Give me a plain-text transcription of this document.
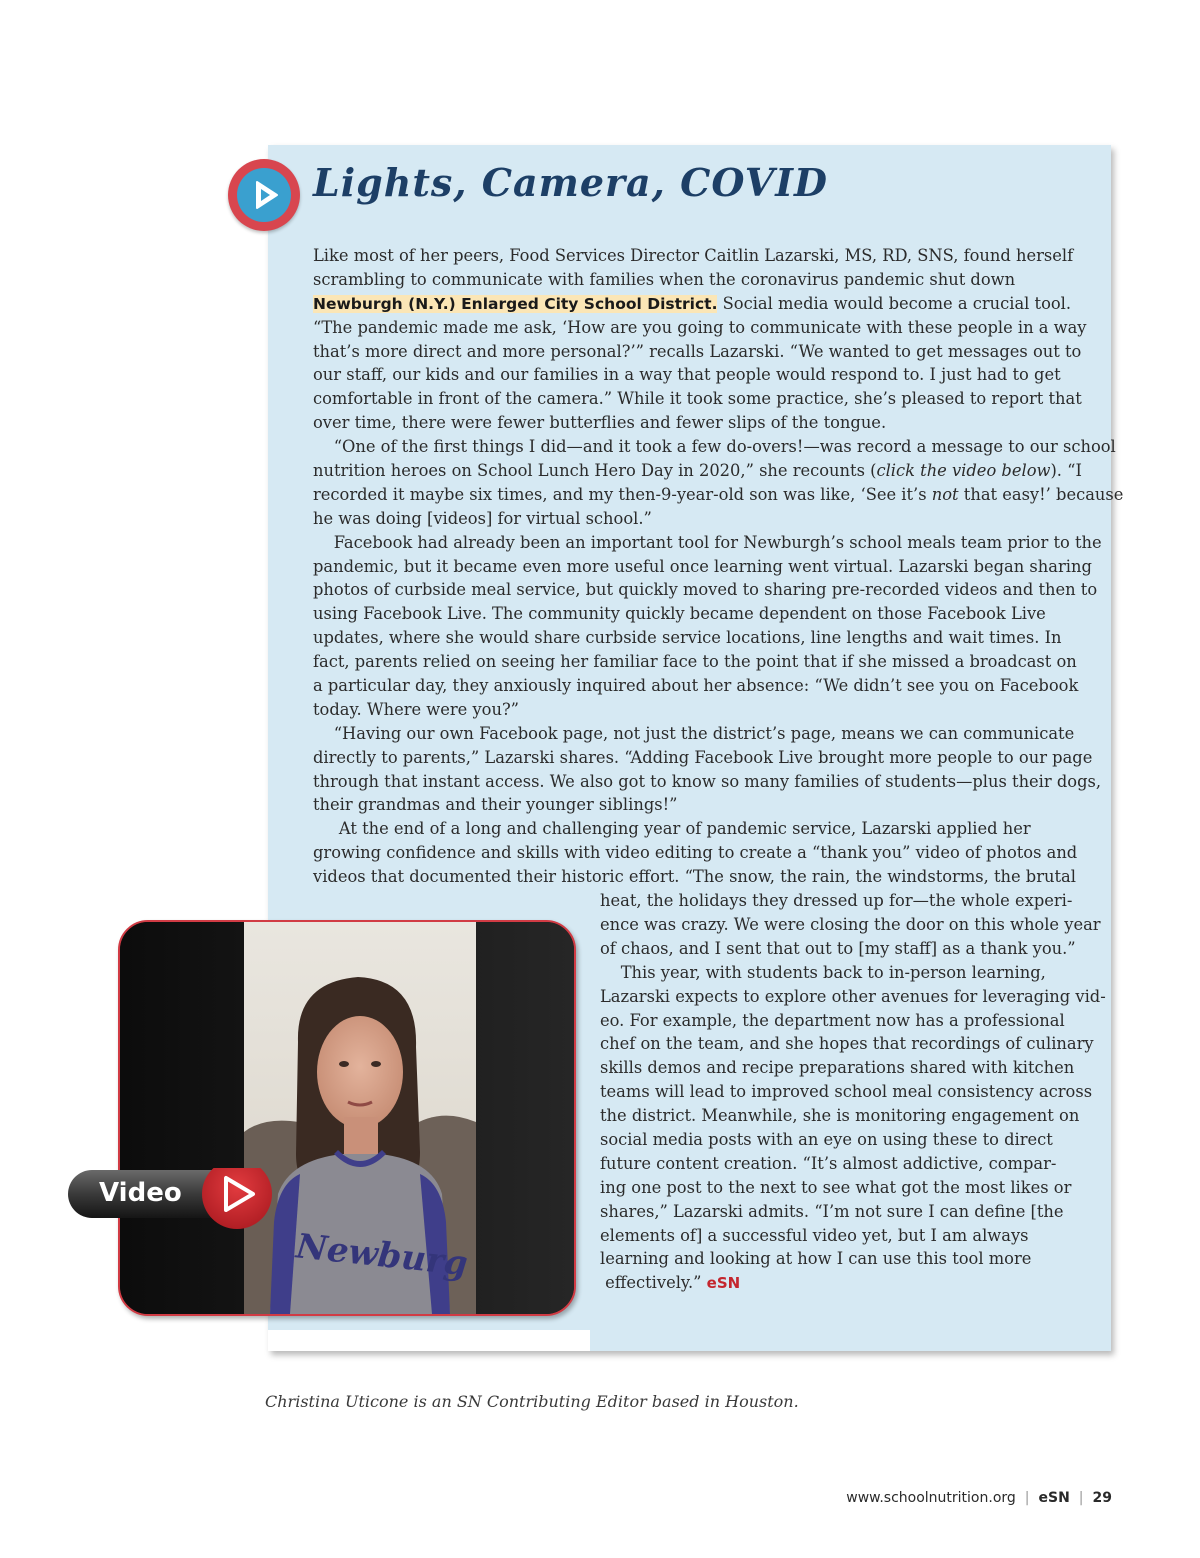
Lights, Camera, COVID
Like most of her peers, Food Services Director Caitlin Lazarski, MS, RD, SNS, found herself
scrambling to communicate with families when the coronavirus pandemic shut down
Newburgh (N.Y.) Enlarged City School District. Social media would become a crucial tool.
“The pandemic made me ask, ‘How are you going to communicate with these people in a way
that’s more direct and more personal?’” recalls Lazarski. “We wanted to get messages out to
our staff, our kids and our families in a way that people would respond to. I just had to get
comfortable in front of the camera.” While it took some practice, she’s pleased to report that
over time, there were fewer butterflies and fewer slips of the tongue.
“One of the first things I did—and it took a few do-overs!—was record a message to our school
nutrition heroes on School Lunch Hero Day in 2020,” she recounts (click the video below). “I
recorded it maybe six times, and my then-9-year-old son was like, ‘See it’s not that easy!’ because
he was doing [videos] for virtual school.”
Facebook had already been an important tool for Newburgh’s school meals team prior to the
pandemic, but it became even more useful once learning went virtual. Lazarski began sharing
photos of curbside meal service, but quickly moved to sharing pre-recorded videos and then to
using Facebook Live. The community quickly became dependent on those Facebook Live
updates, where she would share curbside service locations, line lengths and wait times. In
fact, parents relied on seeing her familiar face to the point that if she missed a broadcast on
a particular day, they anxiously inquired about her absence: “We didn’t see you on Facebook
today. Where were you?”
“Having our own Facebook page, not just the district’s page, means we can communicate
directly to parents,” Lazarski shares. “Adding Facebook Live brought more people to our page
through that instant access. We also got to know so many families of students—plus their dogs,
their grandmas and their younger siblings!”
At the end of a long and challenging year of pandemic service, Lazarski applied her
growing confidence and skills with video editing to create a “thank you” video of photos and
videos that documented their historic effort. “The snow, the rain, the windstorms, the brutal
heat, the holidays they dressed up for—the whole experi-
ence was crazy. We were closing the door on this whole year
of chaos, and I sent that out to [my staff] as a thank you.”
This year, with students back to in-person learning,
Lazarski expects to explore other avenues for leveraging vid-
eo. For example, the department now has a professional
chef on the team, and she hopes that recordings of culinary
skills demos and recipe preparations shared with kitchen
teams will lead to improved school meal consistency across
the district. Meanwhile, she is monitoring engagement on
social media posts with an eye on using these to direct
future content creation. “It’s almost addictive, compar-
ing one post to the next to see what got the most likes or
shares,” Lazarski admits. “I’m not sure I can define [the
elements of] a successful video yet, but I am always
learning and looking at how I can use this tool more
effectively.” eSN
Newburg
Video

Christina Uticone is an SN Contributing Editor based in Houston.

www.schoolnutrition.org | eSN | 29
